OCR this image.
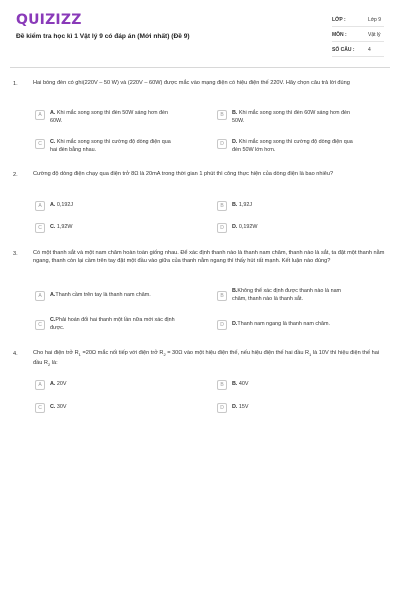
QUIZIZZ
Đề kiểm tra học kì 1 Vật lý 9 có đáp án (Mới nhất) (Đề 9)
LỚP :	Lớp 9
MÔN :	Vật lý
SỐ CÂU :	4
1.	Hai bóng đèn có ghi(220V – 50 W) và (220V – 60W) được mắc vào mạng điện có hiệu điện thế 220V. Hãy chọn câu trả lời đúng
A	A. Khi mắc song song thì đèn 50W sáng hơn đèn 60W.
B	B. Khi mắc song song thì đèn 60W sáng hơn đèn 50W.
C	C. Khi mắc song song thì cường độ dòng điện qua hai đèn bằng nhau.
D	D. Khi mắc song song thì cường độ dòng điện qua đèn 50W lớn hơn.
2.	Cường độ dòng điện chạy qua điện trở 8Ω là 20mA trong thời gian 1 phút thì công thực hiện của dòng điện là bao nhiêu?
A	A. 0,192J	B	B. 1,92J
C	C. 1,92W	D	D. 0,192W
3.	Có một thanh sắt và một nam châm hoàn toàn giống nhau. Để xác định thanh nào là thanh nam châm, thanh nào là sắt, ta đặt một thanh nằm ngang, thanh còn lại cầm trên tay đặt một đầu vào giữa của thanh nằm ngang thì thấy hút rất mạnh. Kết luận nào đúng?
A	A.Thanh cầm trên tay là thanh nam châm.	B
B.Không thể xác định được thanh nào là nam châm, thanh nào là thanh sắt.
C
C.Phải hoán đổi hai thanh một lần nữa mới xác định được.	D	D.Thanh nam ngang là thanh nam châm.
4.	Cho hai điện trở $R_1 =20\Omega$ mắc nối tiếp với điện trở $R_2 = 30\Omega$ vào một hiệu điện thế, nếu hiệu điện thế hai đầu $R_1$ là 10V thì hiệu điện thế hai đầu $R_2$ là:
A	A. 20V	B	B. 40V
C	C. 30V	D	D. 15V
